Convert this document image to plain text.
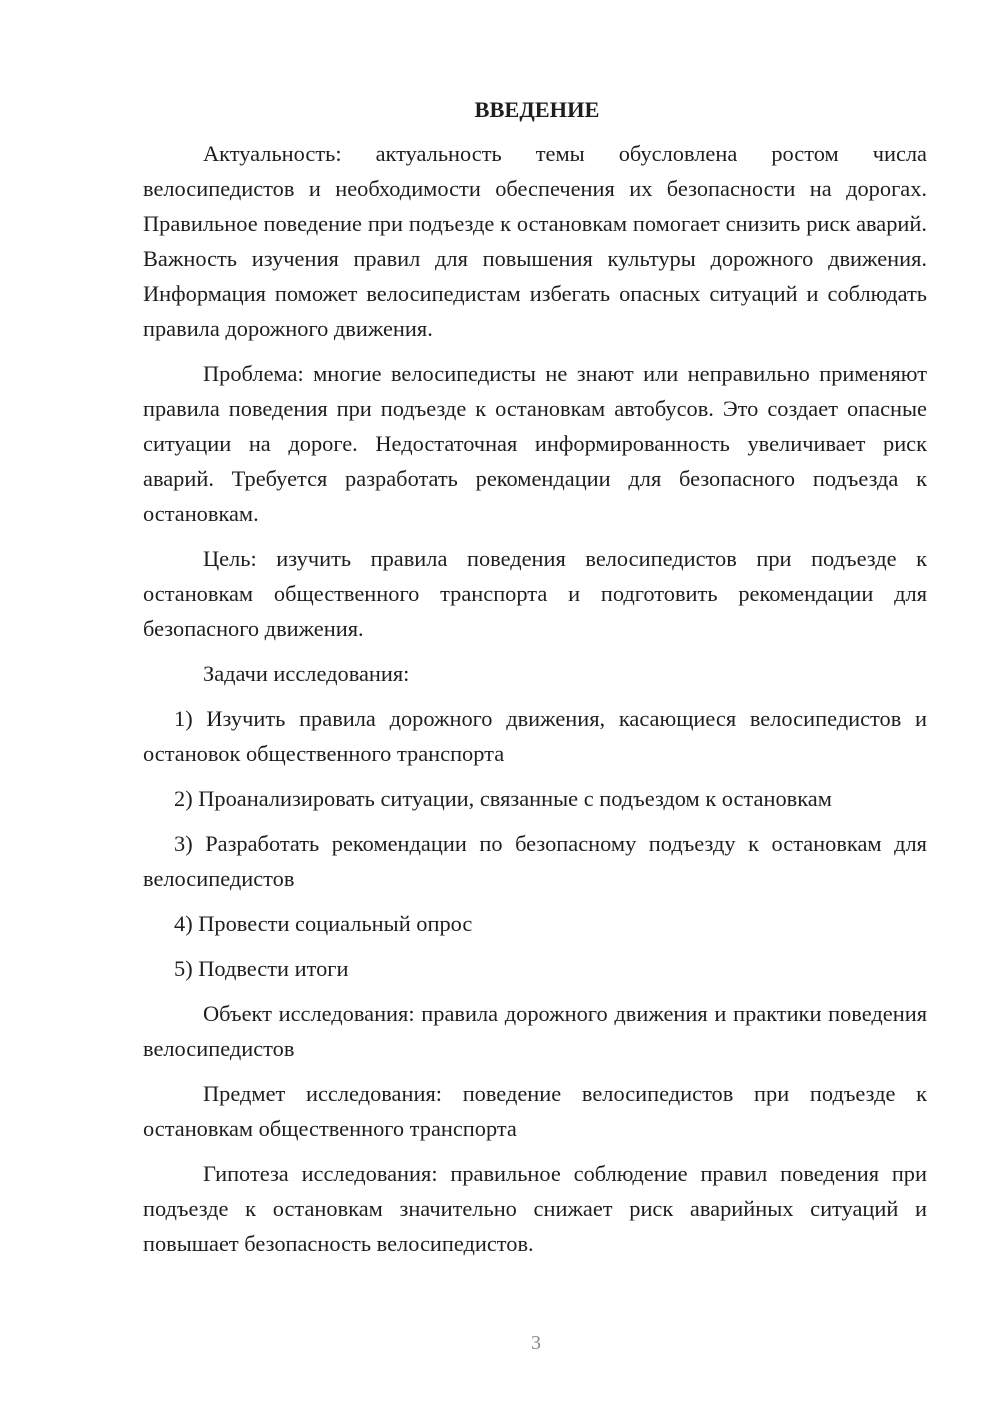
ВВЕДЕНИЕ

Актуальность: актуальность темы обусловлена ростом числа велосипедистов и необходимости обеспечения их безопасности на дорогах. Правильное поведение при подъезде к остановкам помогает снизить риск аварий. Важность изучения правил для повышения культуры дорожного движения. Информация поможет велосипедистам избегать опасных ситуаций и соблюдать правила дорожного движения.

Проблема: многие велосипедисты не знают или неправильно применяют правила поведения при подъезде к остановкам автобусов. Это создает опасные ситуации на дороге. Недостаточная информированность увеличивает риск аварий. Требуется разработать рекомендации для безопасного подъезда к остановкам.

Цель: изучить правила поведения велосипедистов при подъезде к остановкам общественного транспорта и подготовить рекомендации для безопасного движения.

Задачи исследования:

1) Изучить правила дорожного движения, касающиеся велосипедистов и остановок общественного транспорта

2) Проанализировать ситуации, связанные с подъездом к остановкам

3) Разработать рекомендации по безопасному подъезду к остановкам для велосипедистов

4) Провести социальный опрос

5) Подвести итоги

Объект исследования: правила дорожного движения и практики поведения велосипедистов

Предмет исследования: поведение велосипедистов при подъезде к остановкам общественного транспорта

Гипотеза исследования: правильное соблюдение правил поведения при подъезде к остановкам значительно снижает риск аварийных ситуаций и повышает безопасность велосипедистов.

3
